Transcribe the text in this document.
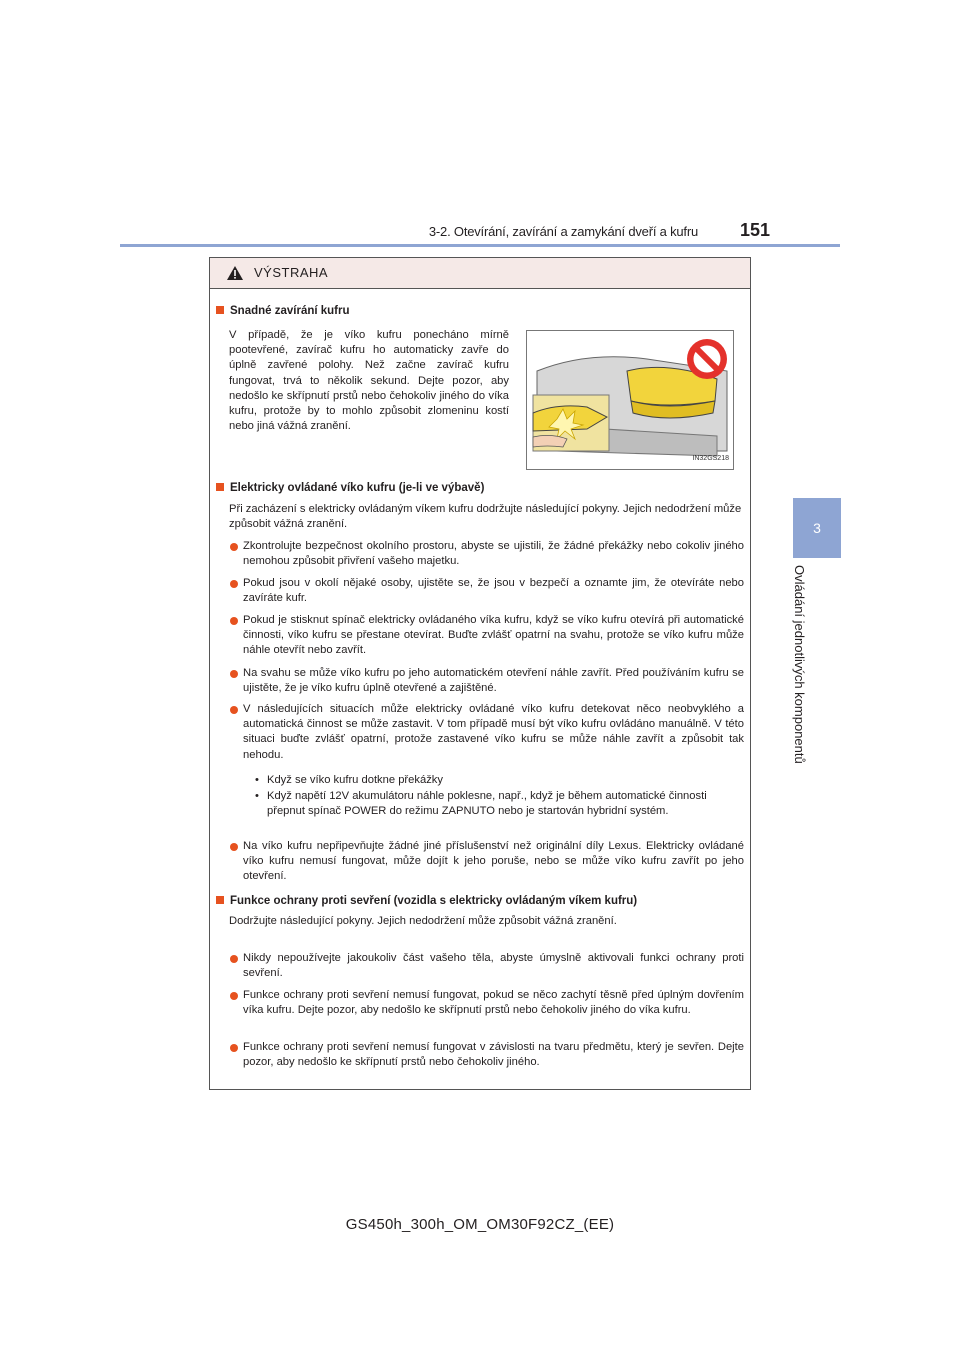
3-2. Otevírání, zavírání a zamykání dveří a kufru 151
3
Ovládání jednotlivých komponentů
VÝSTRAHA
Snadné zavírání kufru
V případě, že je víko kufru ponecháno mírně pootevřené, zavírač kufru ho automaticky zavře do úplně zavřené polohy. Než začne zavírač kufru fungovat, trvá to několik sekund. Dejte pozor, aby nedošlo ke skřípnutí prstů nebo čehokoliv jiného do víka kufru, protože by to mohlo způsobit zlomeninu kostí nebo jiná vážná zranění.
IN32GS218
Elektricky ovládané víko kufru (je-li ve výbavě)
Při zacházení s elektricky ovládaným víkem kufru dodržujte následující pokyny. Jejich nedodržení může způsobit vážná zranění.
Zkontrolujte bezpečnost okolního prostoru, abyste se ujistili, že žádné překážky nebo cokoliv jiného nemohou způsobit přivření vašeho majetku.
Pokud jsou v okolí nějaké osoby, ujistěte se, že jsou v bezpečí a oznamte jim, že otevíráte nebo zavíráte kufr.
Pokud je stisknut spínač elektricky ovládaného víka kufru, když se víko kufru otevírá při automatické činnosti, víko kufru se přestane otevírat. Buďte zvlášť opatrní na svahu, protože se víko kufru může náhle otevřít nebo zavřít.
Na svahu se může víko kufru po jeho automatickém otevření náhle zavřít. Před používáním kufru se ujistěte, že je víko kufru úplně otevřené a zajištěné.
V následujících situacích může elektricky ovládané víko kufru detekovat něco neobvyklého a automatická činnost se může zastavit. V tom případě musí být víko kufru ovládáno manuálně. V této situaci buďte zvlášť opatrní, protože zastavené víko kufru se může náhle zavřít a způsobit tak nehodu.
• Když se víko kufru dotkne překážky
• Když napětí 12V akumulátoru náhle poklesne, např., když je během automatické činnosti přepnut spínač POWER do režimu ZAPNUTO nebo je startován hybridní systém.
Na víko kufru nepřipevňujte žádné jiné příslušenství než originální díly Lexus. Elektricky ovládané víko kufru nemusí fungovat, může dojít k jeho poruše, nebo se může víko kufru zavřít po jeho otevření.
Funkce ochrany proti sevření (vozidla s elektricky ovládaným víkem kufru)
Dodržujte následující pokyny. Jejich nedodržení může způsobit vážná zranění.
Nikdy nepoužívejte jakoukoliv část vašeho těla, abyste úmyslně aktivovali funkci ochrany proti sevření.
Funkce ochrany proti sevření nemusí fungovat, pokud se něco zachytí těsně před úplným dovřením víka kufru. Dejte pozor, aby nedošlo ke skřípnutí prstů nebo čehokoliv jiného do víka kufru.
Funkce ochrany proti sevření nemusí fungovat v závislosti na tvaru předmětu, který je sevřen. Dejte pozor, aby nedošlo ke skřípnutí prstů nebo čehokoliv jiného.
GS450h_300h_OM_OM30F92CZ_(EE)
